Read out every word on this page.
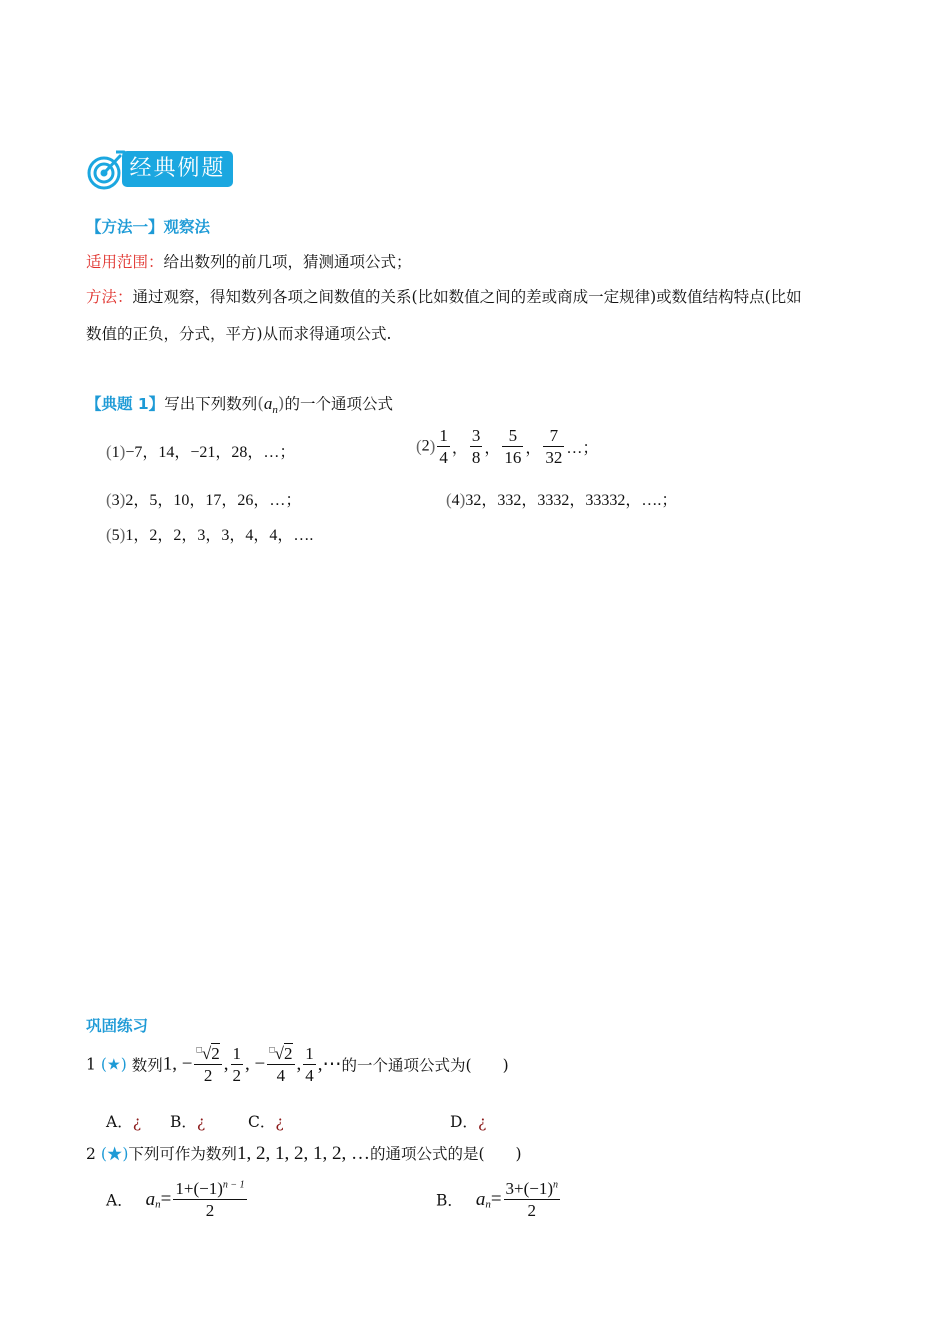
经典例题
【方法一】观察法
适用范围：给出数列的前几项，猜测通项公式；
方法：通过观察，得知数列各项之间数值的关系(比如数值之间的差或商成一定规律)或数值结构特点(比如
数值的正负，分式，平方)从而求得通项公式.
【典题 1】写出下列数列$(a_n)$的一个通项公式
(1)−7，14，−21，28，…；	$(2) \frac{1}{4}$ ， $\frac{3}{8}$ ， $\frac{5}{16}$ ， $\frac{7}{32}$ …；
(3)2，5，10，17，26，…；	(4)32，332，3332，33332，….；
(5)1，2，2，3，3，4，4，….
巩固练习
1 (★) 数列1, − $\frac{^□√2}{2}$ , $\frac{1}{2}$ , − $\frac{^□√2}{4}$ , $\frac{1}{4}$ ,⋯的一个通项公式为(　　)
A．¿ B．¿	C．¿	D．¿
2 (★)下列可作为数列1, 2, 1, 2, 1, 2, …的通项公式的是(　　)
A． $a_n= \frac{1+(-1)^{n - 1}}{2}$	B． $a_n= \frac{3+(-1)^n}{2}$
